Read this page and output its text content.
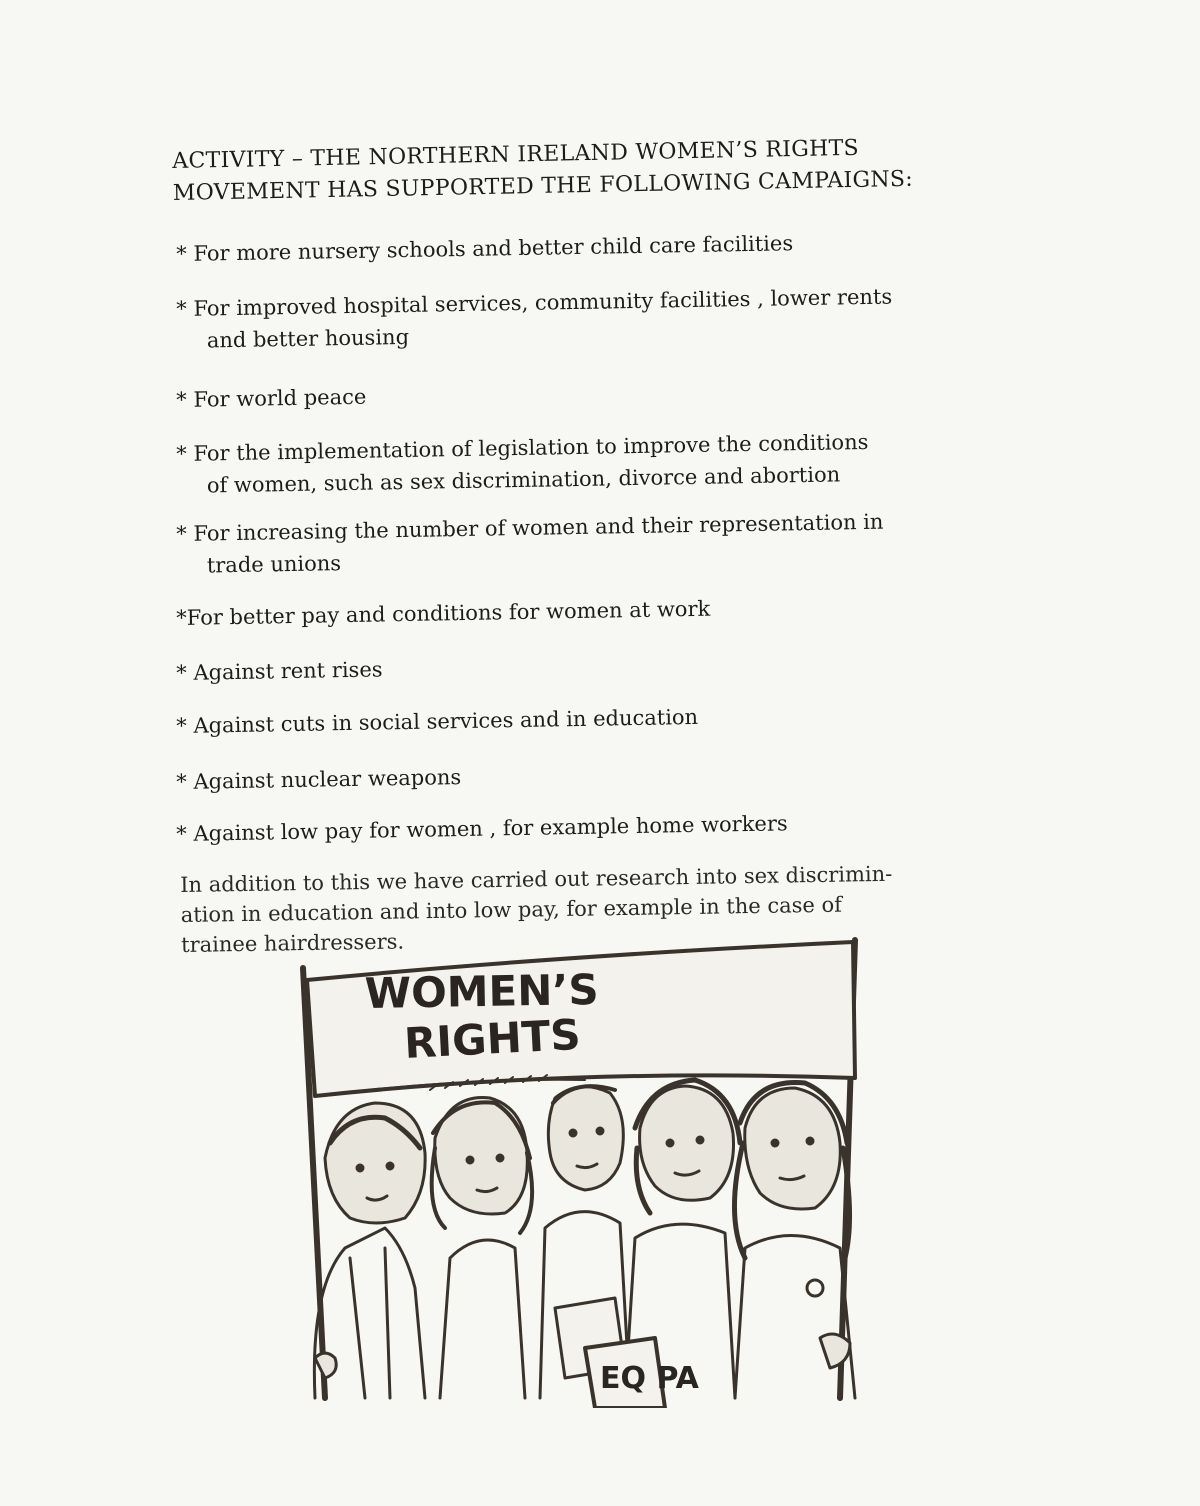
ACTIVITY – THE NORTHERN IRELAND WOMEN’S RIGHTS
MOVEMENT HAS SUPPORTED THE FOLLOWING CAMPAIGNS:
* For more nursery schools and better child care facilities
* For improved hospital services, community facilities , lower rents
and better housing
* For world peace
* For the implementation of legislation to improve the conditions
of women, such as sex discrimination, divorce and abortion
* For increasing the number of women and their representation in
trade unions
*For better pay and conditions for women at work
* Against rent rises
* Against cuts in social services and in education
* Against nuclear weapons
* Against low pay for women , for example home workers
In addition to this we have carried out research into sex discrimin-
ation in education and into low pay, for example in the case of
trainee hairdressers.
WOMEN’S
RIGHTS
EQ PA
